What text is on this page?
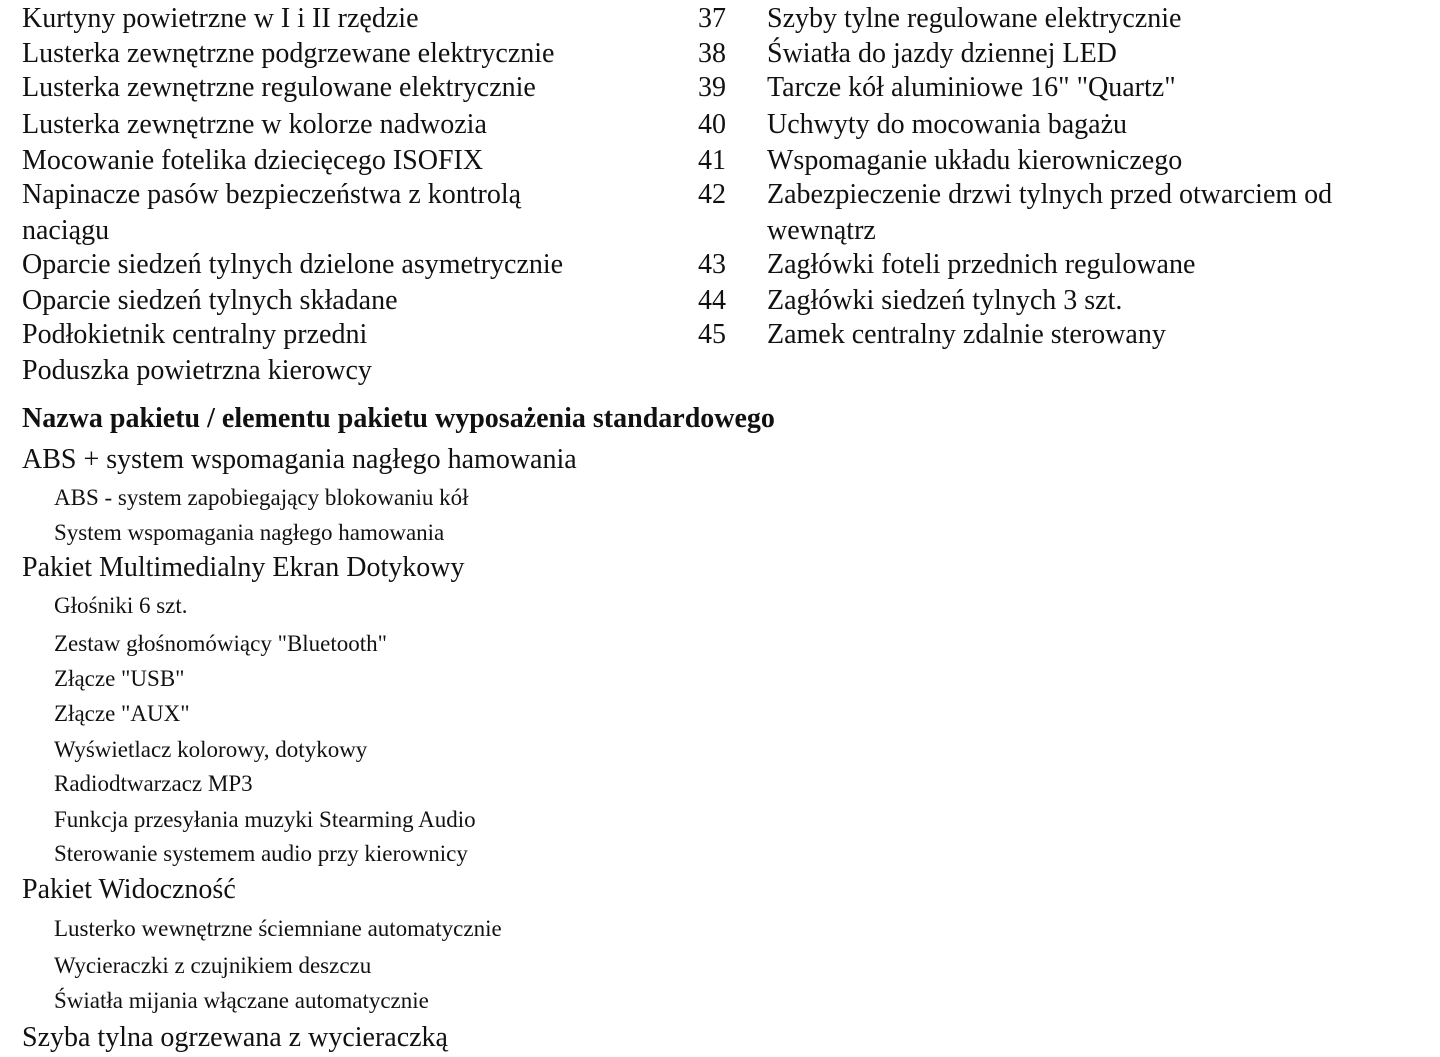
Kurtyny powietrzne w I i II rzędzie
Lusterka zewnętrzne podgrzewane elektrycznie
Lusterka zewnętrzne regulowane elektrycznie
Lusterka zewnętrzne w kolorze nadwozia
Mocowanie fotelika dziecięcego ISOFIX
Napinacze pasów bezpieczeństwa z kontrolą
naciągu
Oparcie siedzeń tylnych dzielone asymetrycznie
Oparcie siedzeń tylnych składane
Podłokietnik centralny przedni
Poduszka powietrzna kierowcy
37 Szyby tylne regulowane elektrycznie
38 Światła do jazdy dziennej LED
39 Tarcze kół aluminiowe 16" "Quartz"
40 Uchwyty do mocowania bagażu
41 Wspomaganie układu kierowniczego
42 Zabezpieczenie drzwi tylnych przed otwarciem od
wewnątrz
43 Zagłówki foteli przednich regulowane
44 Zagłówki siedzeń tylnych 3 szt.
45 Zamek centralny zdalnie sterowany
Nazwa pakietu / elementu pakietu wyposażenia standardowego
ABS + system wspomagania nagłego hamowania
ABS - system zapobiegający blokowaniu kół
System wspomagania nagłego hamowania
Pakiet Multimedialny Ekran Dotykowy
Głośniki 6 szt.
Zestaw głośnomówiący "Bluetooth"
Złącze "USB"
Złącze "AUX"
Wyświetlacz kolorowy, dotykowy
Radiodtwarzacz MP3
Funkcja przesyłania muzyki Stearming Audio
Sterowanie systemem audio przy kierownicy
Pakiet Widoczność
Lusterko wewnętrzne ściemniane automatycznie
Wycieraczki z czujnikiem deszczu
Światła mijania włączane automatycznie
Szyba tylna ogrzewana z wycieraczką
